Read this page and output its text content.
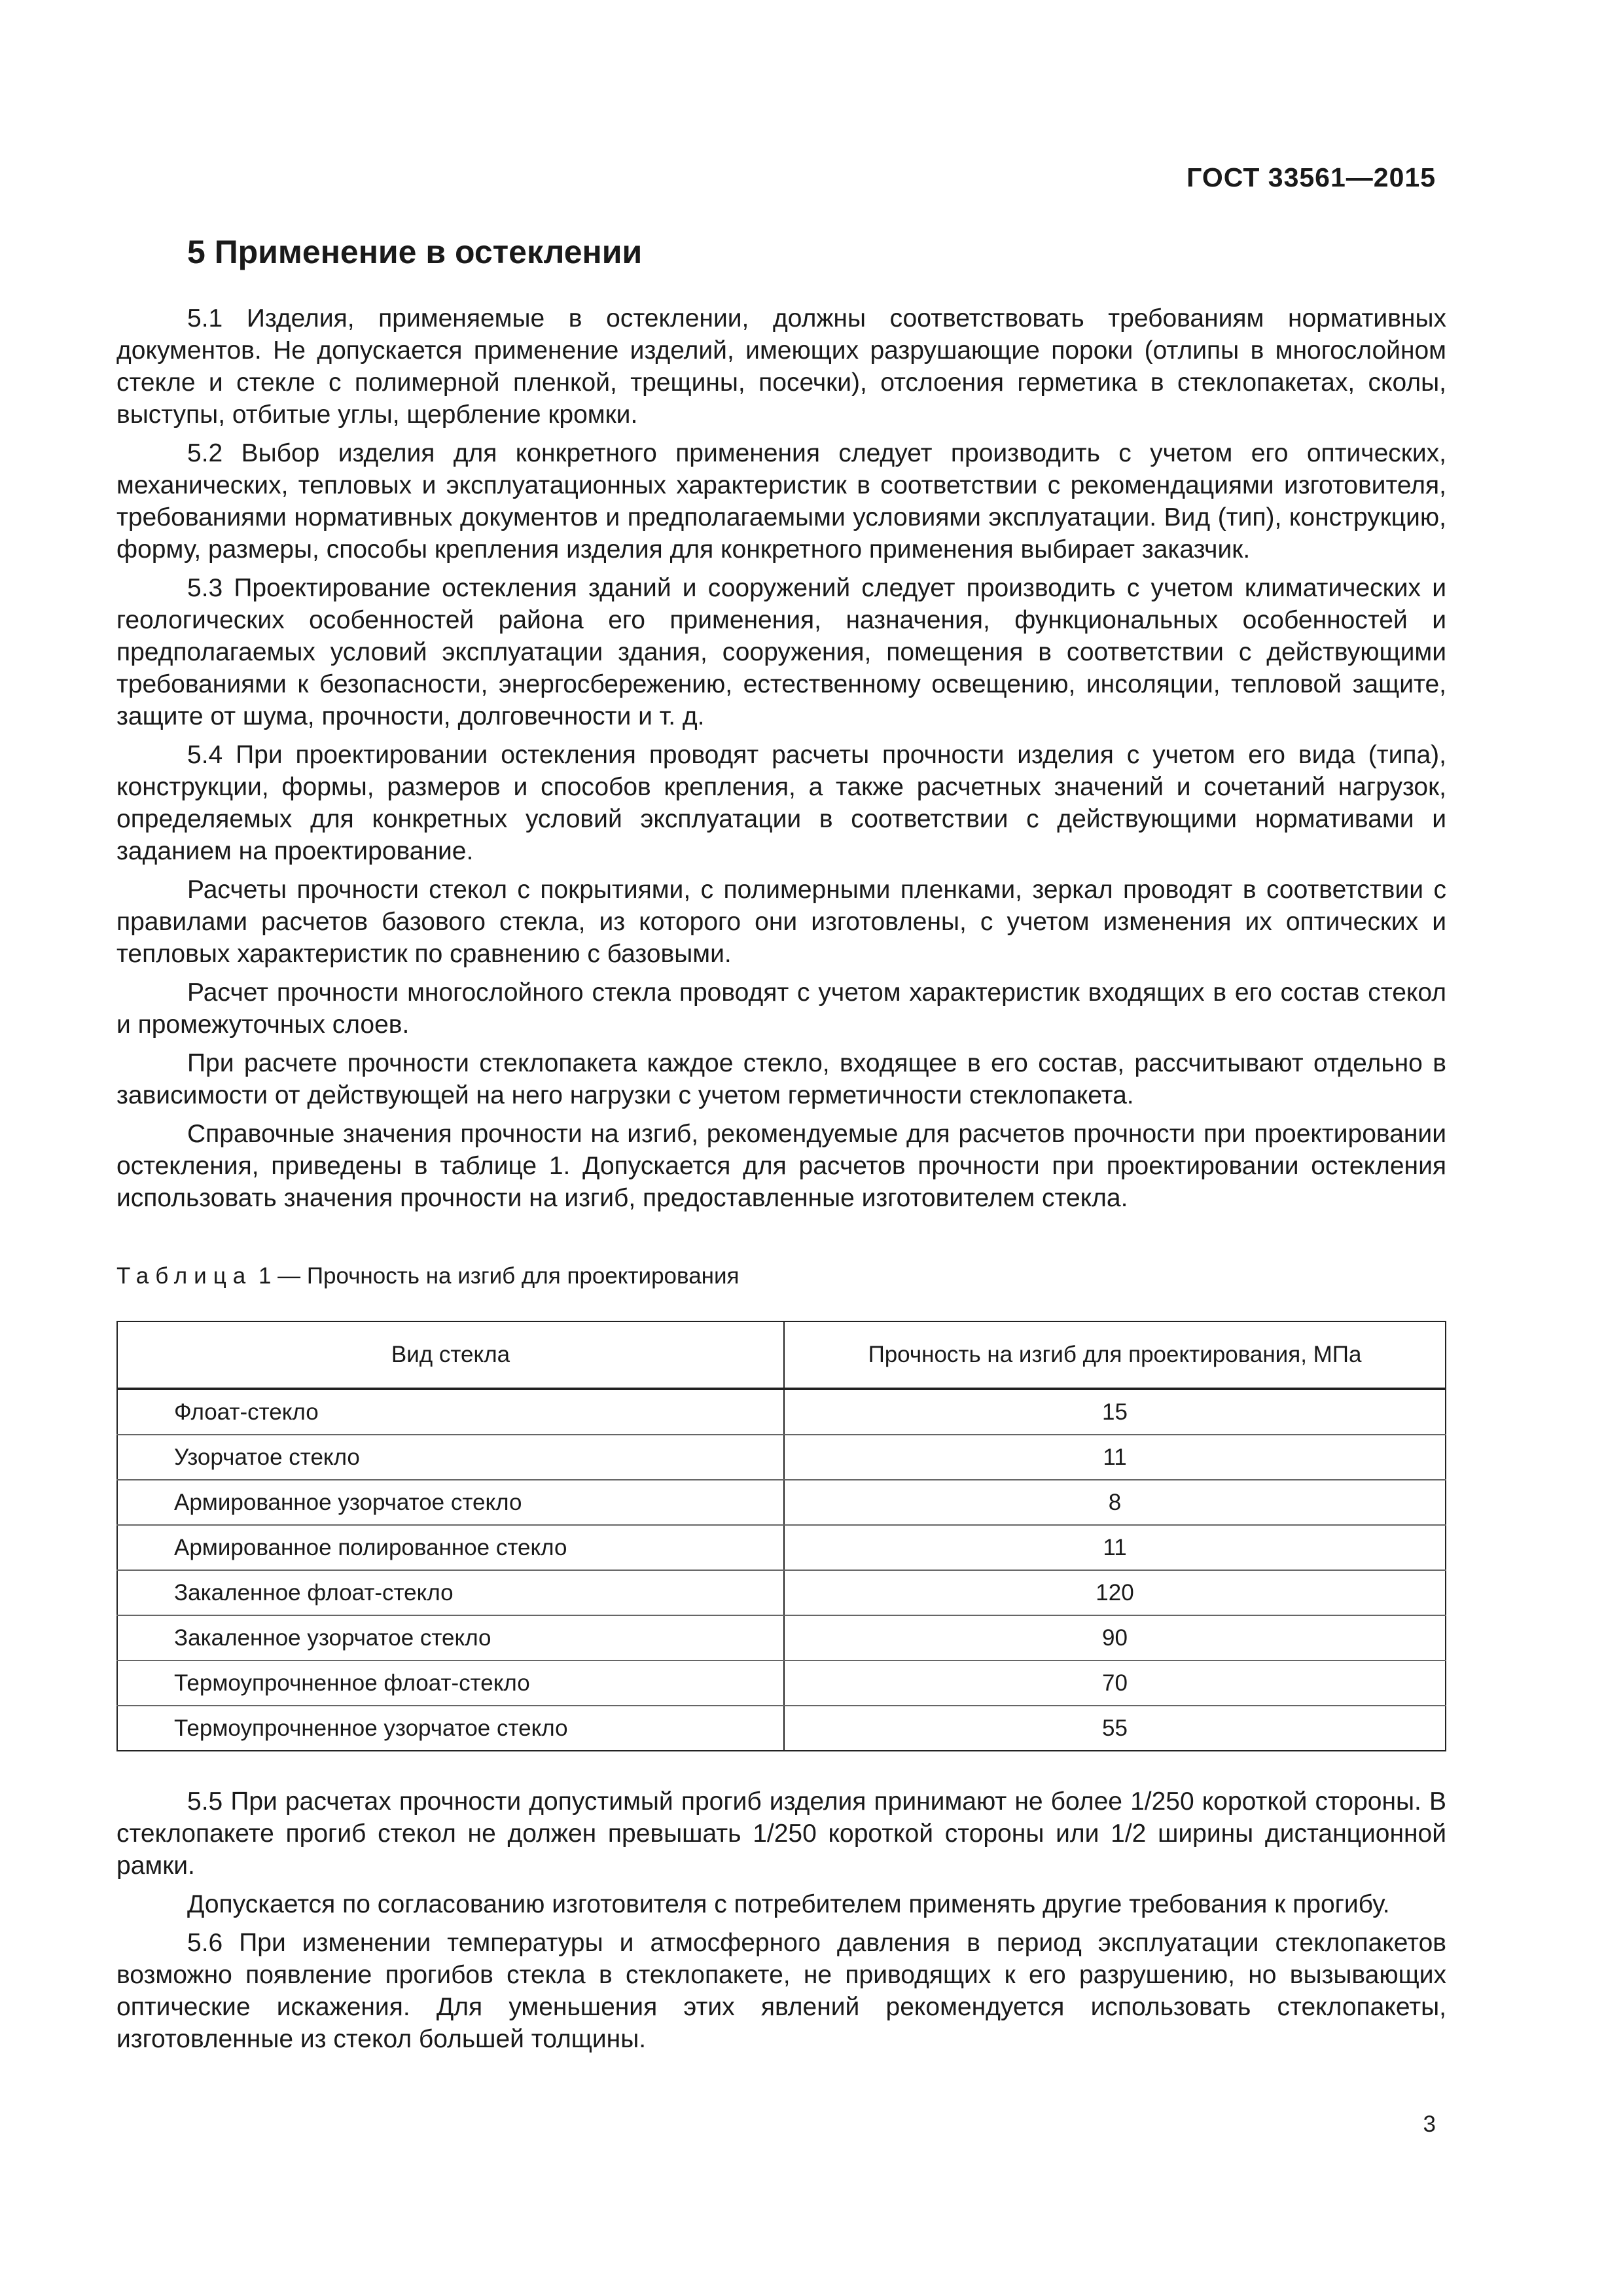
ГОСТ 33561—2015
5 Применение в остеклении

5.1 Изделия, применяемые в остеклении, должны соответствовать требованиям нормативных документов. Не допускается применение изделий, имеющих разрушающие пороки (отлипы в многослойном стекле и стекле с полимерной пленкой, трещины, посечки), отслоения герметика в стеклопакетах, сколы, выступы, отбитые углы, щербление кромки.

5.2 Выбор изделия для конкретного применения следует производить с учетом его оптических, механических, тепловых и эксплуатационных характеристик в соответствии с рекомендациями изготовителя, требованиями нормативных документов и предполагаемыми условиями эксплуатации. Вид (тип), конструкцию, форму, размеры, способы крепления изделия для конкретного применения выбирает заказчик.

5.3 Проектирование остекления зданий и сооружений следует производить с учетом климатических и геологических особенностей района его применения, назначения, функциональных особенностей и предполагаемых условий эксплуатации здания, сооружения, помещения в соответствии с действующими требованиями к безопасности, энергосбережению, естественному освещению, инсоляции, тепловой защите, защите от шума, прочности, долговечности и т. д.

5.4 При проектировании остекления проводят расчеты прочности изделия с учетом его вида (типа), конструкции, формы, размеров и способов крепления, а также расчетных значений и сочетаний нагрузок, определяемых для конкретных условий эксплуатации в соответствии с действующими нормативами и заданием на проектирование.

Расчеты прочности стекол с покрытиями, с полимерными пленками, зеркал проводят в соответствии с правилами расчетов базового стекла, из которого они изготовлены, с учетом изменения их оптических и тепловых характеристик по сравнению с базовыми.

Расчет прочности многослойного стекла проводят с учетом характеристик входящих в его состав стекол и промежуточных слоев.

При расчете прочности стеклопакета каждое стекло, входящее в его состав, рассчитывают отдельно в зависимости от действующей на него нагрузки с учетом герметичности стеклопакета.

Справочные значения прочности на изгиб, рекомендуемые для расчетов прочности при проектировании остекления, приведены в таблице 1. Допускается для расчетов прочности при проектировании остекления использовать значения прочности на изгиб, предоставленные изготовителем стекла.

Таблица 1 — Прочность на изгиб для проектирования
Вид стекла	Прочность на изгиб для проектирования, МПа
Флоат-стекло	15
Узорчатое стекло	11
Армированное узорчатое стекло	8
Армированное полированное стекло	11
Закаленное флоат-стекло	120
Закаленное узорчатое стекло	90
Термоупрочненное флоат-стекло	70
Термоупрочненное узорчатое стекло	55

5.5 При расчетах прочности допустимый прогиб изделия принимают не более 1/250 короткой стороны. В стеклопакете прогиб стекол не должен превышать 1/250 короткой стороны или 1/2 ширины дистанционной рамки.

Допускается по согласованию изготовителя с потребителем применять другие требования к прогибу.

5.6 При изменении температуры и атмосферного давления в период эксплуатации стеклопакетов возможно появление прогибов стекла в стеклопакете, не приводящих к его разрушению, но вызывающих оптические искажения. Для уменьшения этих явлений рекомендуется использовать стеклопакеты, изготовленные из стекол большей толщины.

3
